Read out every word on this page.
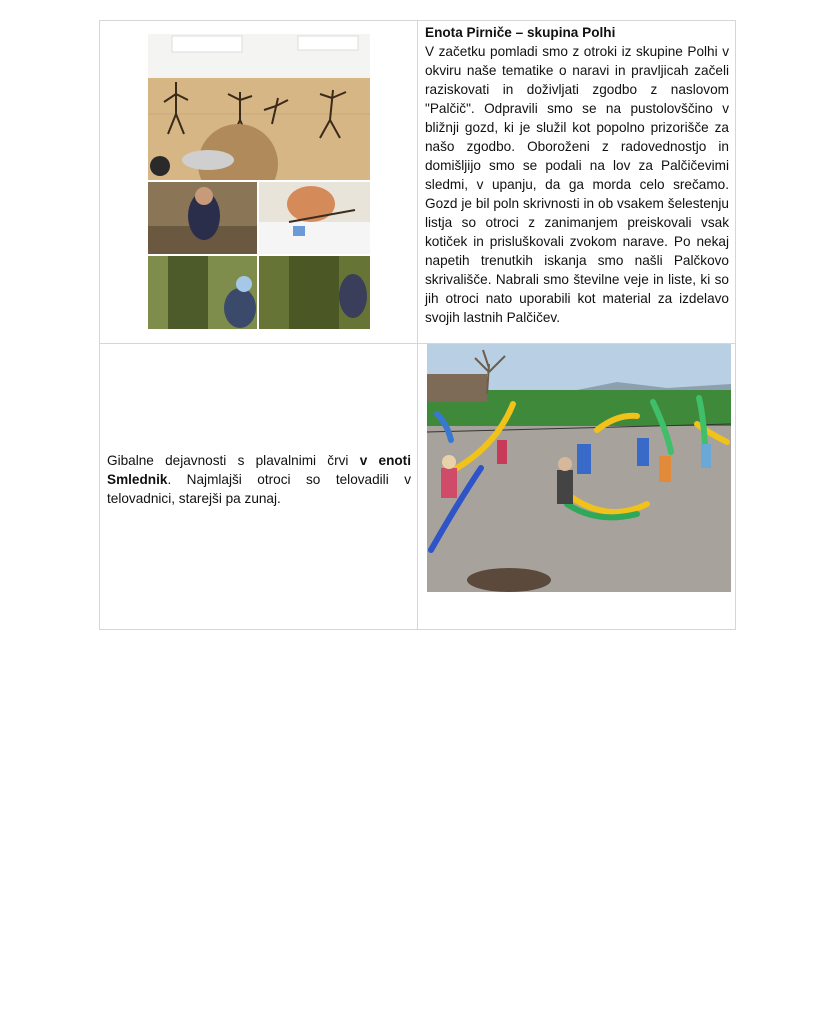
Enota Pirniče – skupina Polhi

V začetku pomladi smo z otroki iz skupine Polhi v okviru naše tematike o naravi in pravljicah začeli raziskovati in doživljati zgodbo z naslovom "Palčič". Odpravili smo se na pustolovščino v bližnji gozd, ki je služil kot popolno prizorišče za našo zgodbo. Oboroženi z radovednostjo in domišljijo smo se podali na lov za Palčičevimi sledmi, v upanju, da ga morda celo srečamo. Gozd je bil poln skrivnosti in ob vsakem šelestenju listja so otroci z zanimanjem preiskovali vsak kotiček in prisluškovali zvokom narave. Po nekaj napetih trenutkih iskanja smo našli Palčkovo skrivališče. Nabrali smo številne veje in liste, ki so jih otroci nato uporabili kot material za izdelavo svojih lastnih Palčičev.

Gibalne dejavnosti s plavalnimi črvi v enoti Smlednik. Najmlajši otroci so telovadili v telovadnici, starejši pa zunaj.
